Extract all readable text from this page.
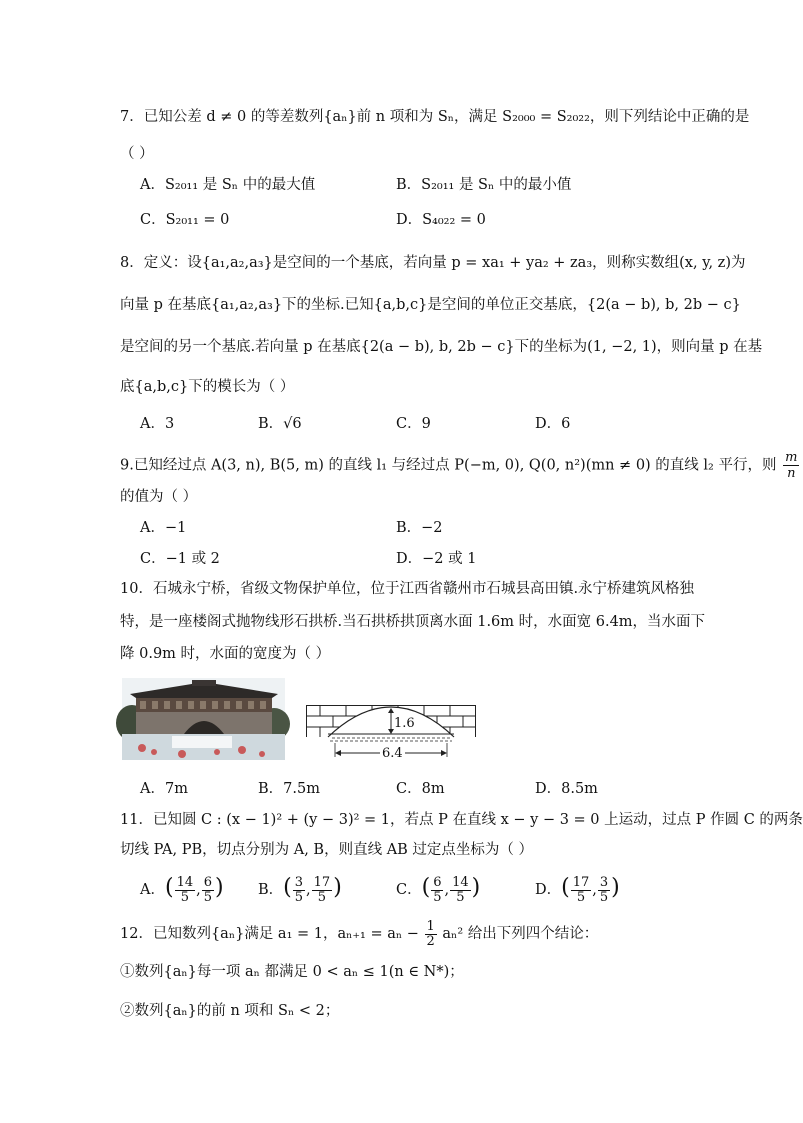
7．已知公差 d ≠ 0 的等差数列{aₙ}前 n 项和为 Sₙ，满足 S₂₀₀₀ = S₂₀₂₂，则下列结论中正确的是
（ ）
A．S₂₀₁₁ 是 Sₙ 中的最大值	B．S₂₀₁₁ 是 Sₙ 中的最小值
C．S₂₀₁₁ = 0	D．S₄₀₂₂ = 0
8．定义：设{a₁,a₂,a₃}是空间的一个基底，若向量 p = xa₁ + ya₂ + za₃，则称实数组(x, y, z)为
向量 p 在基底{a₁,a₂,a₃}下的坐标.已知{a,b,c}是空间的单位正交基底，{2(a − b), b, 2b − c}
是空间的另一个基底.若向量 p 在基底{2(a − b), b, 2b − c}下的坐标为(1, −2, 1)，则向量 p 在基
底{a,b,c}下的模长为（ ）
A．3	B．√6	C．9	D．6
9.已知经过点 A(3, n), B(5, m) 的直线 l₁ 与经过点 P(−m, 0), Q(0, n²)(mn ≠ 0) 的直线 l₂ 平行，则 $\frac{m}{n}$
的值为（ ）
A．−1	B．−2
C．−1 或 2	D．−2 或 1
10．石城永宁桥，省级文物保护单位，位于江西省赣州市石城县高田镇.永宁桥建筑风格独
特，是一座楼阁式抛物线形石拱桥.当石拱桥拱顶离水面 1.6m 时，水面宽 6.4m，当水面下
降 0.9m 时，水面的宽度为（ ）
1.6
6.4
A．7m	B．7.5m	C．8m	D．8.5m
11．已知圆 C : (x − 1)² + (y − 3)² = 1，若点 P 在直线 x − y − 3 = 0 上运动，过点 P 作圆 C 的两条
切线 PA, PB，切点分别为 A, B，则直线 AB 过定点坐标为（ ）
A．( $\frac{14}{5}$ , $\frac{6}{5}$ ) B．( $\frac{3}{5}$ , $\frac{17}{5}$ )	C．( $\frac{6}{5}$ , $\frac{14}{5}$ )	D．( $\frac{17}{5}$ , $\frac{3}{5}$ )
12．已知数列{aₙ}满足 a₁ = 1，$a_{n+1} = a_n - \frac{1}{2} a_n^2$ 给出下列四个结论：
①数列{aₙ}每一项 aₙ 都满足 0 < aₙ ≤ 1(n ∈ N*)；
②数列{aₙ}的前 n 项和 Sₙ < 2；
